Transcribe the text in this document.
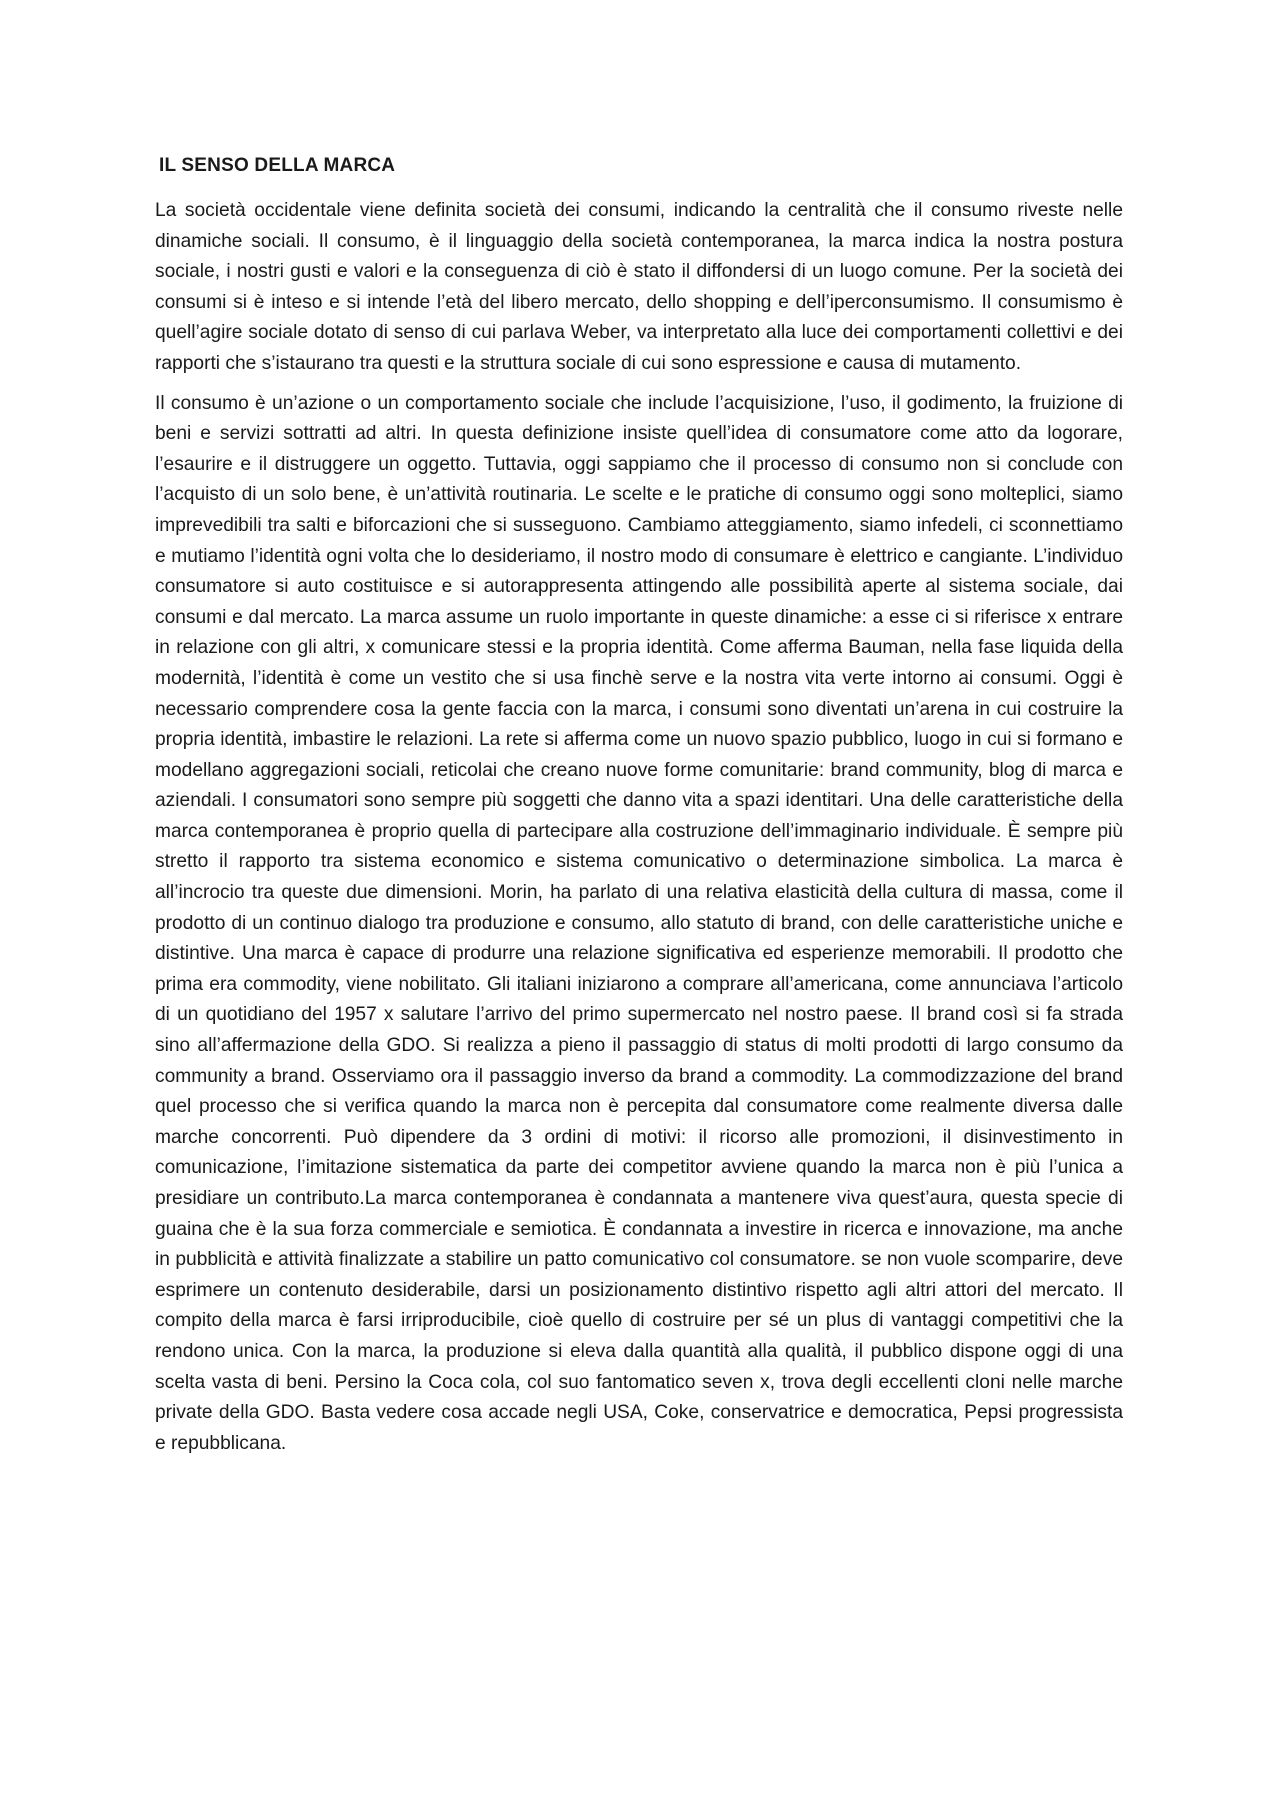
IL SENSO DELLA MARCA

La società occidentale viene definita società dei consumi, indicando la centralità che il consumo riveste nelle dinamiche sociali. Il consumo, è il linguaggio della società contemporanea, la marca indica la nostra postura sociale, i nostri gusti e valori e la conseguenza di ciò è stato il diffondersi di un luogo comune. Per la società dei consumi si è inteso e si intende l’età del libero mercato, dello shopping e dell’iperconsumismo. Il consumismo è quell’agire sociale dotato di senso di cui parlava Weber, va interpretato alla luce dei comportamenti collettivi e dei rapporti che s’istaurano tra questi e la struttura sociale di cui sono espressione e causa di mutamento.

Il consumo è un’azione o un comportamento sociale che include l’acquisizione, l’uso, il godimento, la fruizione di beni e servizi sottratti ad altri. In questa definizione insiste quell’idea di consumatore come atto da logorare, l’esaurire e il distruggere un oggetto. Tuttavia, oggi sappiamo che il processo di consumo non si conclude con l’acquisto di un solo bene, è un’attività routinaria. Le scelte e le pratiche di consumo oggi sono molteplici, siamo imprevedibili tra salti e biforcazioni che si susseguono. Cambiamo atteggiamento, siamo infedeli, ci sconnettiamo e mutiamo l’identità ogni volta che lo desideriamo, il nostro modo di consumare è elettrico e cangiante. L’individuo consumatore si auto costituisce e si autorappresenta attingendo alle possibilità aperte al sistema sociale, dai consumi e dal mercato. La marca assume un ruolo importante in queste dinamiche: a esse ci si riferisce x entrare in relazione con gli altri, x comunicare stessi e la propria identità. Come afferma Bauman, nella fase liquida della modernità, l’identità è come un vestito che si usa finchè serve e la nostra vita verte intorno ai consumi. Oggi è necessario comprendere cosa la gente faccia con la marca, i consumi sono diventati un’arena in cui costruire la propria identità, imbastire le relazioni. La rete si afferma come un nuovo spazio pubblico, luogo in cui si formano e modellano aggregazioni sociali, reticolai che creano nuove forme comunitarie: brand community, blog di marca e aziendali. I consumatori sono sempre più soggetti che danno vita a spazi identitari. Una delle caratteristiche della marca contemporanea è proprio quella di partecipare alla costruzione dell’immaginario individuale. È sempre più stretto il rapporto tra sistema economico e sistema comunicativo o determinazione simbolica. La marca è all’incrocio tra queste due dimensioni. Morin, ha parlato di una relativa elasticità della cultura di massa, come il prodotto di un continuo dialogo tra produzione e consumo, allo statuto di brand, con delle caratteristiche uniche e distintive. Una marca è capace di produrre una relazione significativa ed esperienze memorabili. Il prodotto che prima era commodity, viene nobilitato. Gli italiani iniziarono a comprare all’americana, come annunciava l’articolo di un quotidiano del 1957 x salutare l’arrivo del primo supermercato nel nostro paese. Il brand così si fa strada sino all’affermazione della GDO. Si realizza a pieno il passaggio di status di molti prodotti di largo consumo da community a brand. Osserviamo ora il passaggio inverso da brand a commodity. La commodizzazione del brand quel processo che si verifica quando la marca non è percepita dal consumatore come realmente diversa dalle marche concorrenti. Può dipendere da 3 ordini di motivi: il ricorso alle promozioni, il disinvestimento in comunicazione, l’imitazione sistematica da parte dei competitor avviene quando la marca non è più l’unica a presidiare un contributo.La marca contemporanea è condannata a mantenere viva quest’aura, questa specie di guaina che è la sua forza commerciale e semiotica. È condannata a investire in ricerca e innovazione, ma anche in pubblicità e attività finalizzate a stabilire un patto comunicativo col consumatore. se non vuole scomparire, deve esprimere un contenuto desiderabile, darsi un posizionamento distintivo rispetto agli altri attori del mercato. Il compito della marca è farsi irriproducibile, cioè quello di costruire per sé un plus di vantaggi competitivi che la rendono unica. Con la marca, la produzione si eleva dalla quantità alla qualità, il pubblico dispone oggi di una scelta vasta di beni. Persino la Coca cola, col suo fantomatico seven x, trova degli eccellenti cloni nelle marche private della GDO. Basta vedere cosa accade negli USA, Coke, conservatrice e democratica, Pepsi progressista e repubblicana.
